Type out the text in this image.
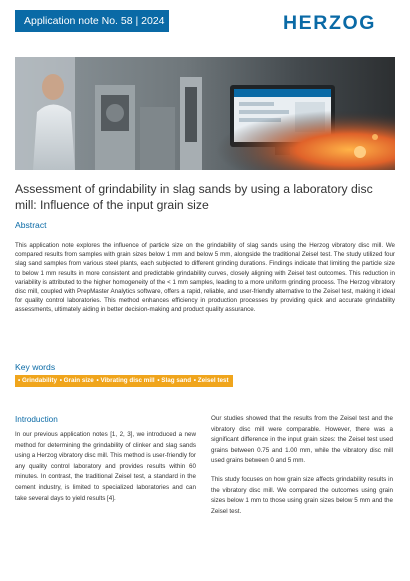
Application note No. 58 | 2024	HERZOG
Assessment of grindability in slag sands by using a laboratory disc mill: Influence of the input grain size
Abstract
This application note explores the influence of particle size on the grindability of slag sands using the Herzog vibratory disc mill. We compared results from samples with grain sizes below 1 mm and below 5 mm, alongside the traditional Zeisel test. The study utilized four slag sand samples from various steel plants, each subjected to different grinding durations. Findings indicate that limiting the particle size to below 1 mm results in more consistent and predictable grindability curves, closely aligning with Zeisel test outcomes. This reduction in variability is attributed to the higher homogeneity of the < 1 mm samples, leading to a more uniform grinding process. The Herzog vibratory disc mill, coupled with PrepMaster Analytics software, offers a rapid, reliable, and user-friendly alternative to the Zeisel test, making it ideal for quality control laboratories. This method enhances efficiency in production processes by providing quick and accurate grindability assessments, ultimately aiding in better decision-making and product quality assurance.
Key words
• Grindability • Grain size • Vibrating disc mill • Slag sand • Zeisel test
Introduction

In our previous application notes [1, 2, 3], we introduced a new method for determining the grindability of clinker and slag sands using a Herzog vibratory disc mill. This method is user-friendly for any quality control laboratory and provides results within 60 minutes. In contrast, the traditional Zeisel test, a standard in the cement industry, is limited to specialized laboratories and can take several days to yield results [4].

Our studies showed that the results from the Zeisel test and the vibratory disc mill were comparable. However, there was a significant difference in the input grain sizes: the Zeisel test used grains between 0.75 and 1.00 mm, while the vibratory disc mill used grains between 0 and 5 mm.

This study focuses on how grain size affects grindability results in the vibratory disc mill. We compared the outcomes using grain sizes below 1 mm to those using grain sizes below 5 mm and the Zeisel test.
